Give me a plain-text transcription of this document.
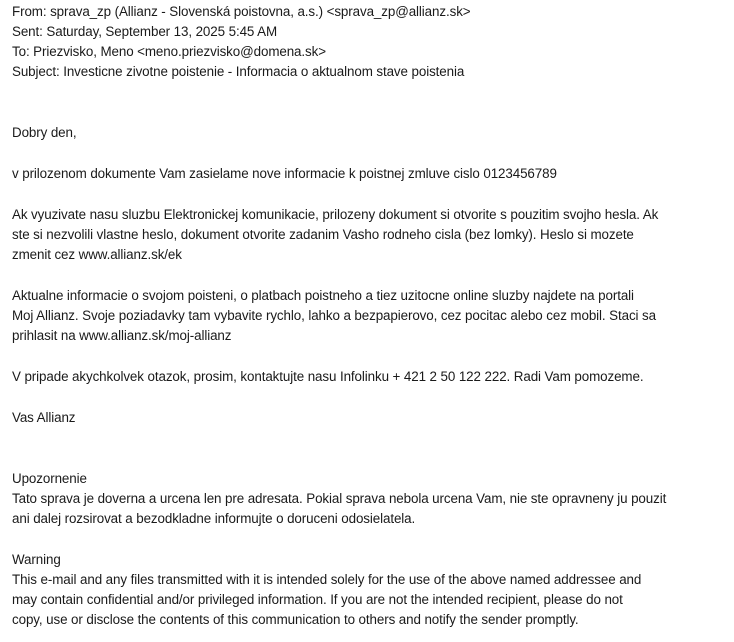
From: sprava_zp (Allianz - Slovenská poistovna, a.s.) <sprava_zp@allianz.sk>
Sent: Saturday, September 13, 2025 5:45 AM
To: Priezvisko, Meno <meno.priezvisko@domena.sk>
Subject: Investicne zivotne poistenie - Informacia o aktualnom stave poistenia
Dobry den,
v prilozenom dokumente Vam zasielame nove informacie k poistnej zmluve cislo 0123456789
Ak vyuzivate nasu sluzbu Elektronickej komunikacie, prilozeny dokument si otvorite s pouzitim svojho hesla. Ak
ste si nezvolili vlastne heslo, dokument otvorite zadanim Vasho rodneho cisla (bez lomky). Heslo si mozete
zmenit cez www.allianz.sk/ek
Aktualne informacie o svojom poisteni, o platbach poistneho a tiez uzitocne online sluzby najdete na portali
Moj Allianz. Svoje poziadavky tam vybavite rychlo, lahko a bezpapierovo, cez pocitac alebo cez mobil. Staci sa
prihlasit na www.allianz.sk/moj-allianz
V pripade akychkolvek otazok, prosim, kontaktujte nasu Infolinku + 421 2 50 122 222. Radi Vam pomozeme.
Vas Allianz
Upozornenie
Tato sprava je doverna a urcena len pre adresata. Pokial sprava nebola urcena Vam, nie ste opravneny ju pouzit
ani dalej rozsirovat a bezodkladne informujte o doruceni odosielatela.
Warning
This e-mail and any files transmitted with it is intended solely for the use of the above named addressee and
may contain confidential and/or privileged information. If you are not the intended recipient, please do not
copy, use or disclose the contents of this communication to others and notify the sender promptly.
